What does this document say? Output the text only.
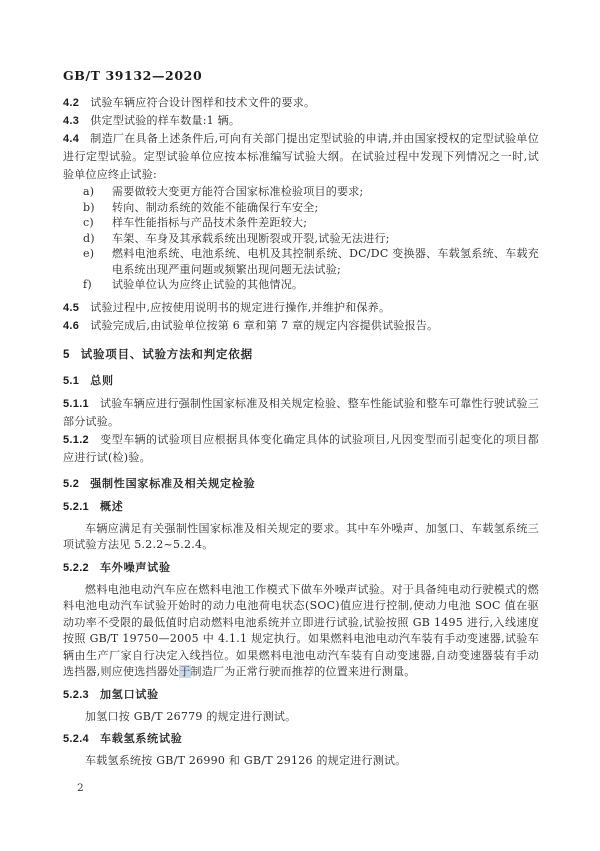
GB/T 39132—2020

4.2 试验车辆应符合设计图样和技术文件的要求。

4.3 供定型试验的样车数量:1 辆。

4.4 制造厂在具备上述条件后,可向有关部门提出定型试验的申请,并由国家授权的定型试验单位进行定型试验。定型试验单位应按本标准编写试验大纲。在试验过程中发现下列情况之一时,试验单位应终止试验:

a)	需要做较大变更方能符合国家标准检验项目的要求;

b)	转向、制动系统的效能不能确保行车安全;

c)	样车性能指标与产品技术条件差距较大;

d)	车架、车身及其承载系统出现断裂或开裂,试验无法进行;

e)	燃料电池系统、电池系统、电机及其控制系统、DC/DC 变换器、车载氢系统、车载充电系统出现严重问题或频繁出现问题无法试验;

f)	试验单位认为应终止试验的其他情况。

4.5 试验过程中,应按使用说明书的规定进行操作,并维护和保养。

4.6 试验完成后,由试验单位按第 6 章和第 7 章的规定内容提供试验报告。

5 试验项目、试验方法和判定依据

5.1 总则

5.1.1 试验车辆应进行强制性国家标准及相关规定检验、整车性能试验和整车可靠性行驶试验三部分试验。

5.1.2 变型车辆的试验项目应根据具体变化确定具体的试验项目,凡因变型而引起变化的项目都应进行试(检)验。

5.2 强制性国家标准及相关规定检验

5.2.1 概述

车辆应满足有关强制性国家标准及相关规定的要求。其中车外噪声、加氢口、车载氢系统三项试验方法见 5.2.2~5.2.4。

5.2.2 车外噪声试验

燃料电池电动汽车应在燃料电池工作模式下做车外噪声试验。对于具备纯电动行驶模式的燃料电池电动汽车试验开始时的动力电池荷电状态(SOC)值应进行控制,使动力电池 SOC 值在驱动功率不受限的最低值时启动燃料电池系统并立即进行试验,试验按照 GB 1495 进行,入线速度按照 GB/T 19750—2005 中 4.1.1 规定执行。如果燃料电池电动汽车装有手动变速器,试验车辆由生产厂家自行决定入线挡位。如果燃料电池电动汽车装有自动变速器,自动变速器装有手动选挡器,则应使选挡器处于制造厂为正常行驶而推荐的位置来进行测量。

5.2.3 加氢口试验

加氢口按 GB/T 26779 的规定进行测试。

5.2.4 车载氢系统试验

车载氢系统按 GB/T 26990 和 GB/T 29126 的规定进行测试。

2
